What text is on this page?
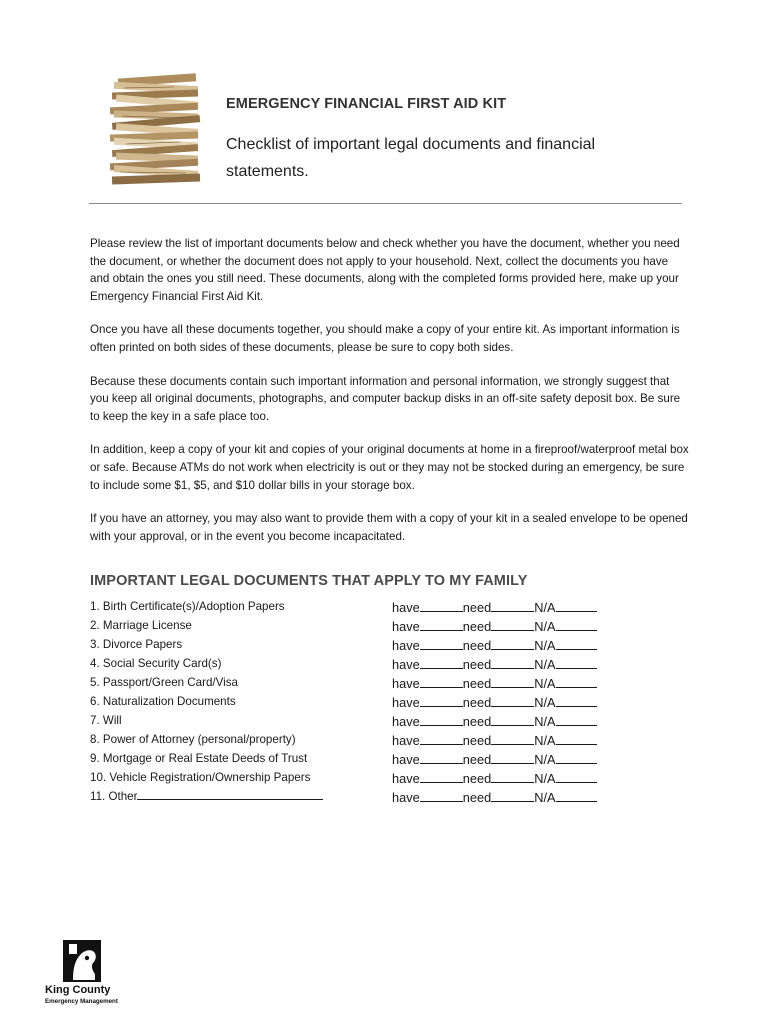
EMERGENCY FINANCIAL FIRST AID KIT
Checklist of important legal documents and financial
statements.

Please review the list of important documents below and check whether you have the document, whether you need the document, or whether the document does not apply to your household. Next, collect the documents you have and obtain the ones you still need. These documents, along with the completed forms provided here, make up your Emergency Financial First Aid Kit.

Once you have all these documents together, you should make a copy of your entire kit. As important information is often printed on both sides of these documents, please be sure to copy both sides.

Because these documents contain such important information and personal information, we strongly suggest that you keep all original documents, photographs, and computer backup disks in an off-site safety deposit box. Be sure to keep the key in a safe place too.

In addition, keep a copy of your kit and copies of your original documents at home in a fireproof/waterproof metal box or safe. Because ATMs do not work when electricity is out or they may not be stocked during an emergency, be sure to include some $1, $5, and $10 dollar bills in your storage box.

If you have an attorney, you may also want to provide them with a copy of your kit in a sealed envelope to be opened with your approval, or in the event you become incapacitated.

IMPORTANT LEGAL DOCUMENTS THAT APPLY TO MY FAMILY
1. Birth Certificate(s)/Adoption Papers	have	need	N/A
2. Marriage License	have	need	N/A
3. Divorce Papers	have	need	N/A
4. Social Security Card(s)	have	need	N/A
5. Passport/Green Card/Visa	have	need	N/A
6. Naturalization Documents	have	need	N/A
7. Will	have	need	N/A
8. Power of Attorney (personal/property)	have	need	N/A
9. Mortgage or Real Estate Deeds of Trust	have	need	N/A
10. Vehicle Registration/Ownership Papers	have	need	N/A
11. Other	have	need	N/A
King County
Emergency Management
